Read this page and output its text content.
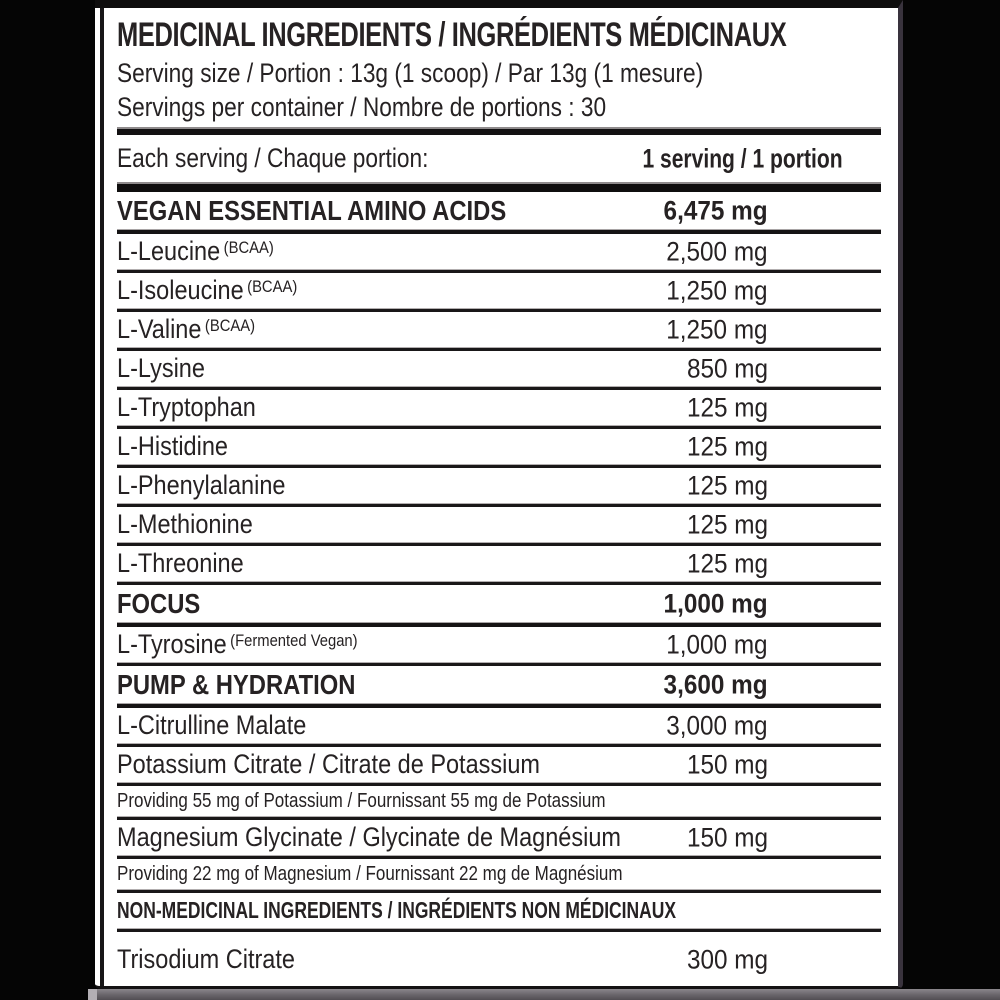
MEDICINAL INGREDIENTS / INGRÉDIENTS MÉDICINAUX
Serving size / Portion : 13g (1 scoop) / Par 13g (1 mesure)
Servings per container / Nombre de portions : 30
Each serving / Chaque portion:	1 serving / 1 portion
VEGAN ESSENTIAL AMINO ACIDS	6,475 mg
L-Leucine $^{(BCAA)}$	2,500 mg
L-Isoleucine $^{(BCAA)}$	1,250 mg
L-Valine $^{(BCAA)}$	1,250 mg
L-Lysine	850 mg
L-Tryptophan	125 mg
L-Histidine	125 mg
L-Phenylalanine	125 mg
L-Methionine	125 mg
L-Threonine	125 mg
FOCUS	1,000 mg
L-Tyrosine $^{(Fermented Vegan)}$	1,000 mg
PUMP & HYDRATION	3,600 mg
L-Citrulline Malate	3,000 mg
Potassium Citrate / Citrate de Potassium	150 mg
Providing 55 mg of Potassium / Fournissant 55 mg de Potassium
Magnesium Glycinate / Glycinate de Magnésium 150 mg
Providing 22 mg of Magnesium / Fournissant 22 mg de Magnésium
NON-MEDICINAL INGREDIENTS / INGRÉDIENTS NON MÉDICINAUX
Trisodium Citrate	300 mg
